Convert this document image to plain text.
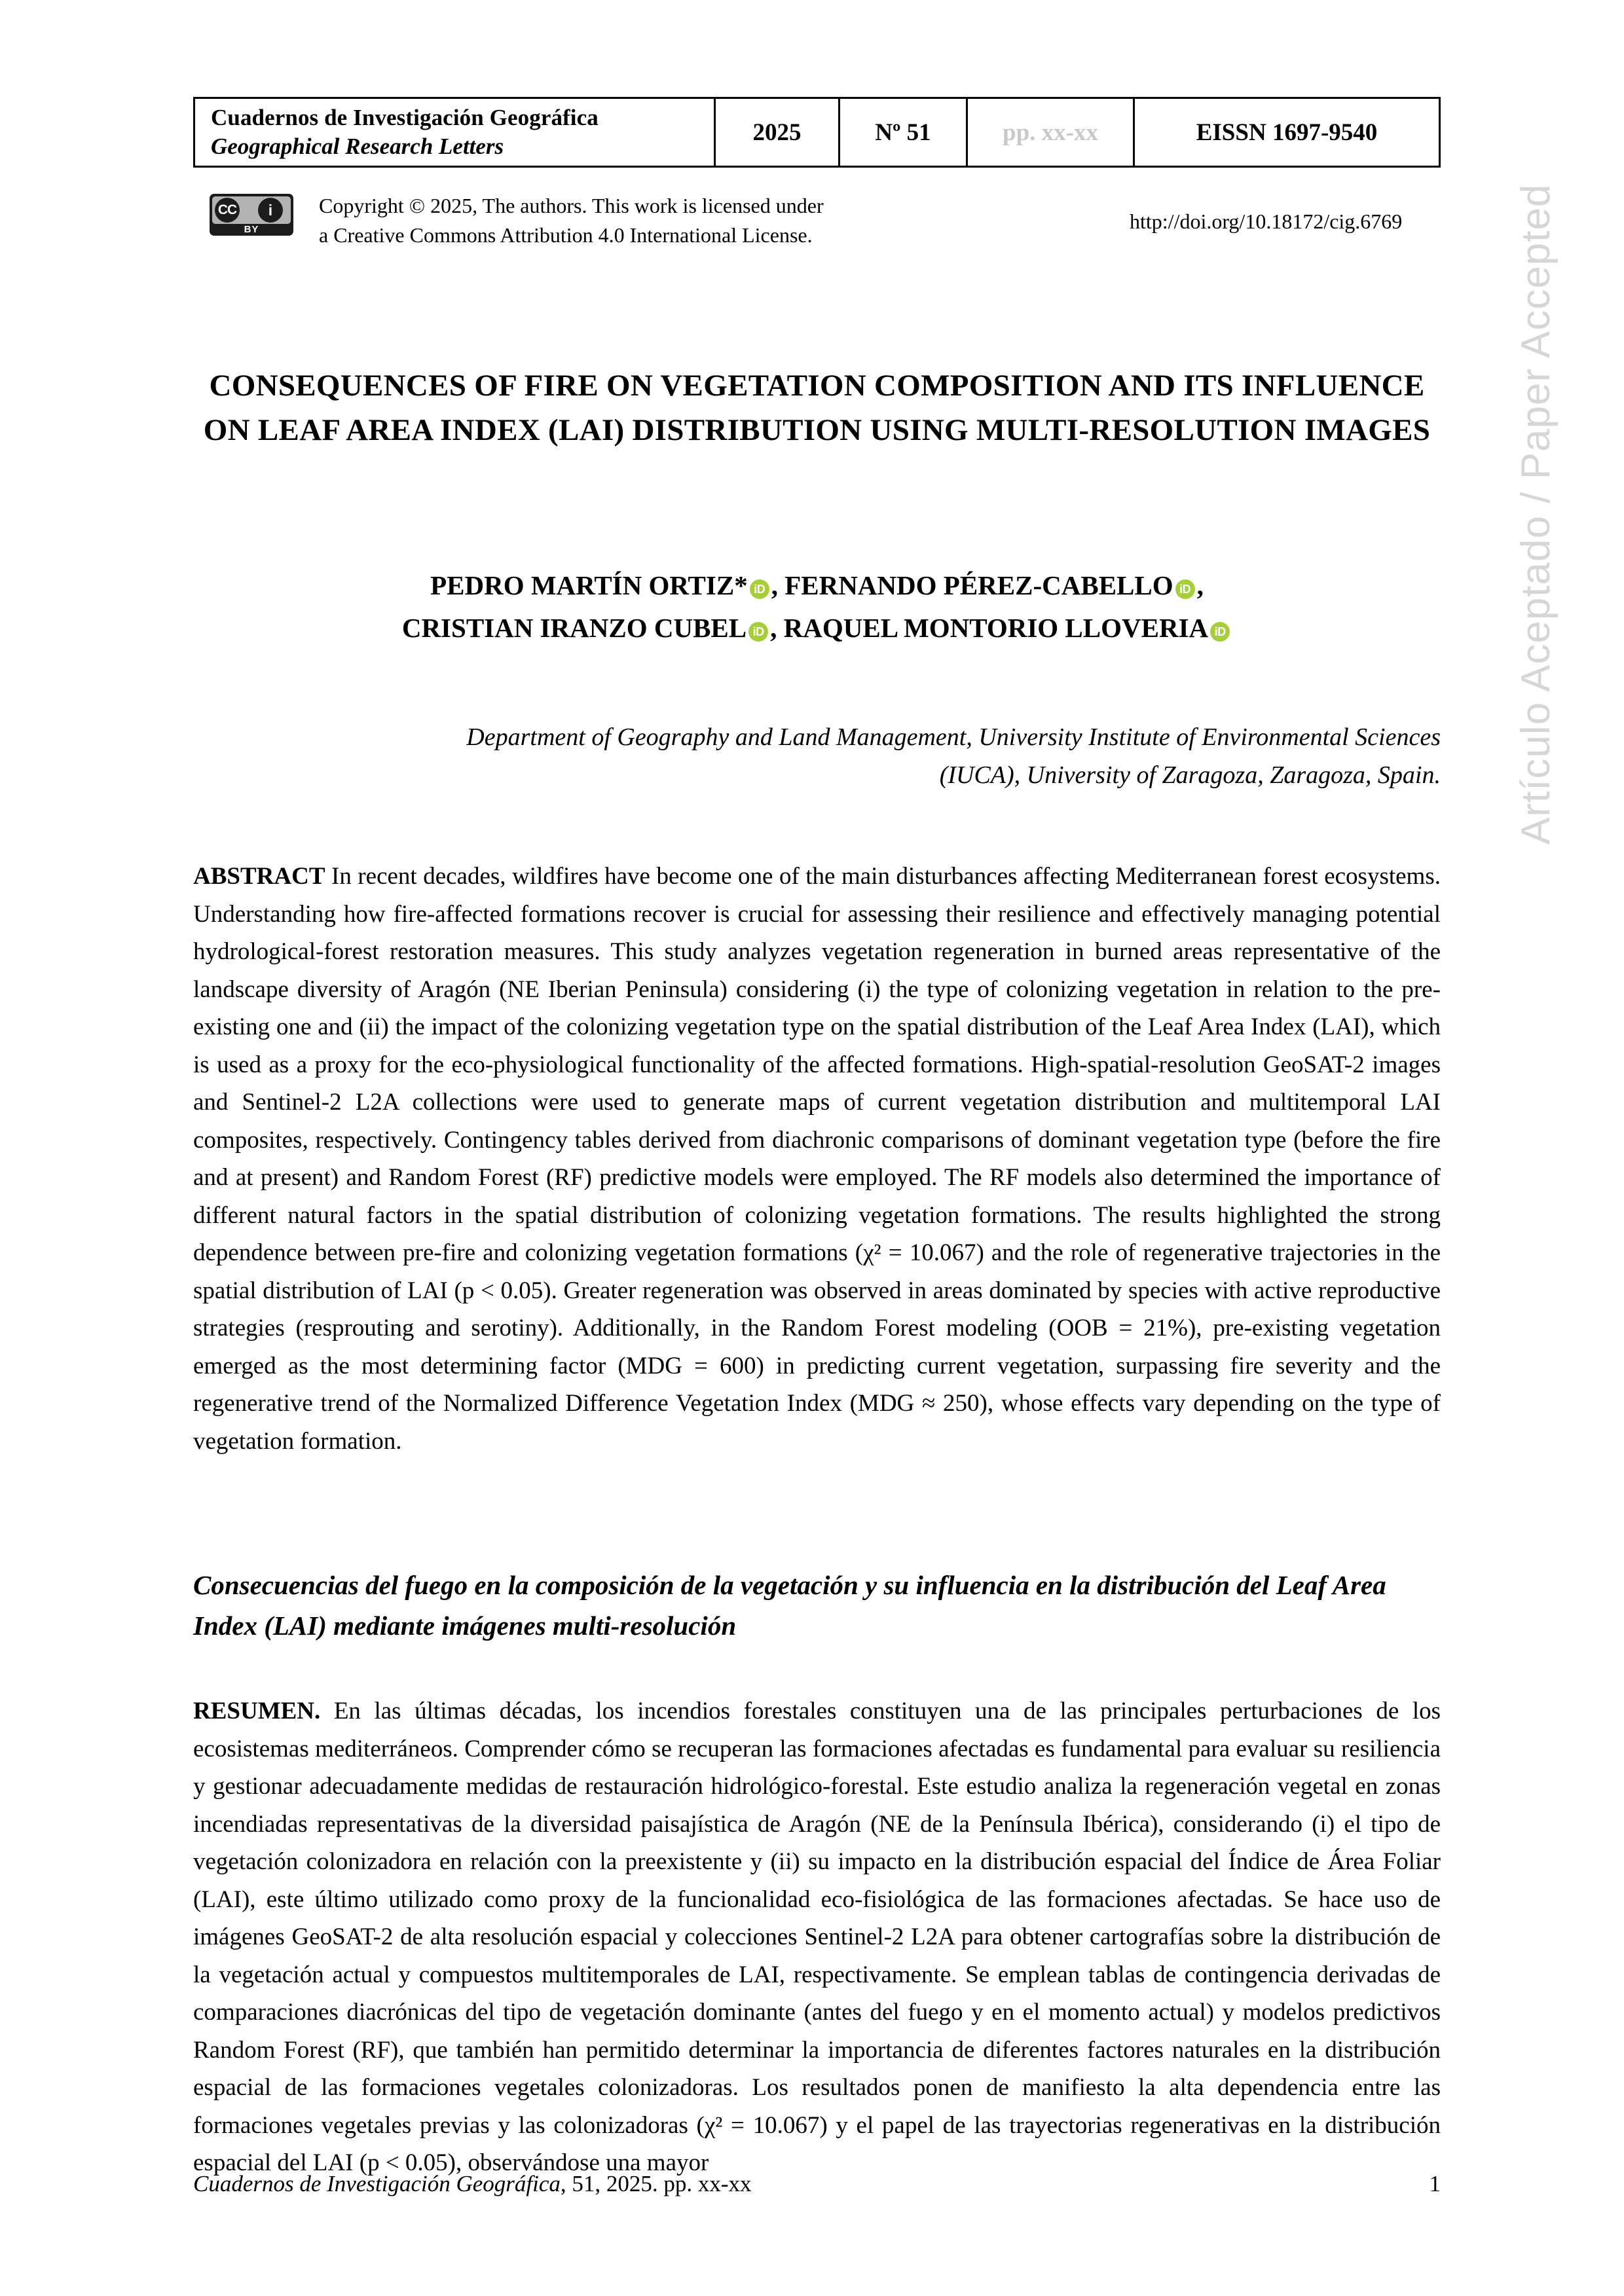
Cuadernos de Investigación Geográfica
Geographical Research Letters
2025	Nº 51	pp. xx-xx	EISSN 1697-9540
CC	i
BY
Copyright © 2025, The authors. This work is licensed under
a Creative Commons Attribution 4.0 International License.
http://doi.org/10.18172/cig.6769
CONSEQUENCES OF FIRE ON VEGETATION COMPOSITION AND ITS INFLUENCE ON LEAF AREA INDEX (LAI) DISTRIBUTION USING MULTI-RESOLUTION IMAGES
PEDRO MARTÍN ORTIZ* iD , FERNANDO PÉREZ-CABELLO iD ,
CRISTIAN IRANZO CUBEL iD , RAQUEL MONTORIO LLOVERIA iD
Department of Geography and Land Management, University Institute of Environmental Sciences (IUCA), University of Zaragoza, Zaragoza, Spain.

ABSTRACT In recent decades, wildfires have become one of the main disturbances affecting Mediterranean forest ecosystems. Understanding how fire-affected formations recover is crucial for assessing their resilience and effectively managing potential hydrological-forest restoration measures. This study analyzes vegetation regeneration in burned areas representative of the landscape diversity of Aragón (NE Iberian Peninsula) considering (i) the type of colonizing vegetation in relation to the pre-existing one and (ii) the impact of the colonizing vegetation type on the spatial distribution of the Leaf Area Index (LAI), which is used as a proxy for the eco-physiological functionality of the affected formations. High-spatial-resolution GeoSAT-2 images and Sentinel-2 L2A collections were used to generate maps of current vegetation distribution and multitemporal LAI composites, respectively. Contingency tables derived from diachronic comparisons of dominant vegetation type (before the fire and at present) and Random Forest (RF) predictive models were employed. The RF models also determined the importance of different natural factors in the spatial distribution of colonizing vegetation formations. The results highlighted the strong dependence between pre-fire and colonizing vegetation formations (χ² = 10.067) and the role of regenerative trajectories in the spatial distribution of LAI (p < 0.05). Greater regeneration was observed in areas dominated by species with active reproductive strategies (resprouting and serotiny). Additionally, in the Random Forest modeling (OOB = 21%), pre-existing vegetation emerged as the most determining factor (MDG = 600) in predicting current vegetation, surpassing fire severity and the regenerative trend of the Normalized Difference Vegetation Index (MDG ≈ 250), whose effects vary depending on the type of vegetation formation.

Consecuencias del fuego en la composición de la vegetación y su influencia en la distribución del Leaf Area Index (LAI) mediante imágenes multi-resolución

RESUMEN. En las últimas décadas, los incendios forestales constituyen una de las principales perturbaciones de los ecosistemas mediterráneos. Comprender cómo se recuperan las formaciones afectadas es fundamental para evaluar su resiliencia y gestionar adecuadamente medidas de restauración hidrológico-forestal. Este estudio analiza la regeneración vegetal en zonas incendiadas representativas de la diversidad paisajística de Aragón (NE de la Península Ibérica), considerando (i) el tipo de vegetación colonizadora en relación con la preexistente y (ii) su impacto en la distribución espacial del Índice de Área Foliar (LAI), este último utilizado como proxy de la funcionalidad eco-fisiológica de las formaciones afectadas. Se hace uso de imágenes GeoSAT-2 de alta resolución espacial y colecciones Sentinel-2 L2A para obtener cartografías sobre la distribución de la vegetación actual y compuestos multitemporales de LAI, respectivamente. Se emplean tablas de contingencia derivadas de comparaciones diacrónicas del tipo de vegetación dominante (antes del fuego y en el momento actual) y modelos predictivos Random Forest (RF), que también han permitido determinar la importancia de diferentes factores naturales en la distribución espacial de las formaciones vegetales colonizadoras. Los resultados ponen de manifiesto la alta dependencia entre las formaciones vegetales previas y las colonizadoras (χ² = 10.067) y el papel de las trayectorias regenerativas en la distribución espacial del LAI (p < 0.05), observándose una mayor

Cuadernos de Investigación Geográfica, 51, 2025. pp. xx-xx	1
Artículo Aceptado / Paper Accepted
